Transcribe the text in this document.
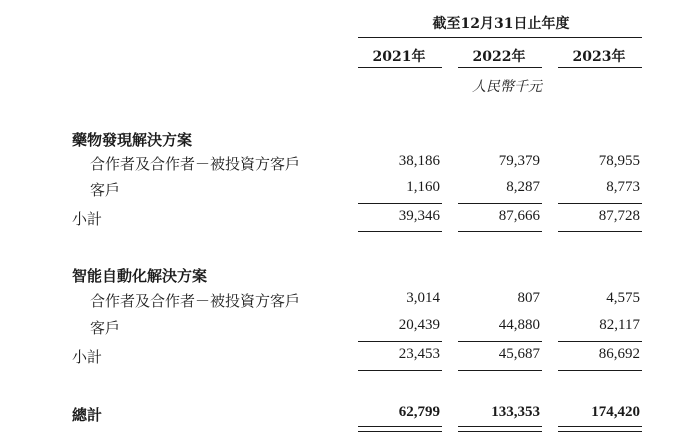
截至12月31日止年度
2021年	2022年	2023年
人民幣千元
藥物發現解決方案
合作者及合作者－被投資方客戶	38,186	79,379	78,955
客戶	1,160	8,287	8,773
小計	39,346	87,666	87,728
智能自動化解決方案
合作者及合作者－被投資方客戶	3,014	807	4,575
客戶	20,439	44,880	82,117
小計	23,453	45,687	86,692
總計	62,799	133,353	174,420
